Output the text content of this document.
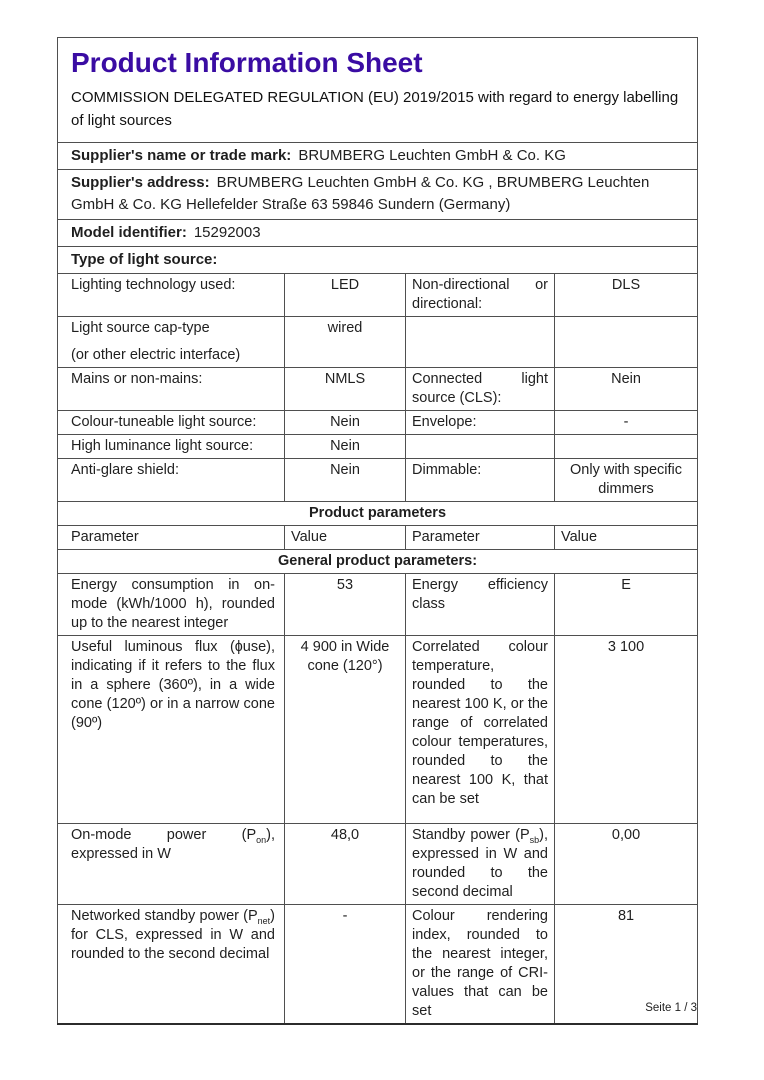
Product Information Sheet
COMMISSION DELEGATED REGULATION (EU) 2019/2015 with regard to energy labelling of light sources

Supplier's name or trade mark: BRUMBERG Leuchten GmbH & Co. KG			
Supplier's address: BRUMBERG Leuchten GmbH & Co. KG , BRUMBERG Leuchten GmbH & Co. KG Hellefelder Straße 63 59846 Sundern (Germany)			
Model identifier: 15292003			
Type of light source:			
Lighting technology used:	LED	Non-directional or directional:	DLS

Light source cap-type
(or other electric interface)	wired		
Mains or non-mains:	NMLS	Connected light source (CLS):	Nein
Colour-tuneable light source:	Nein	Envelope:	-
High luminance light source:	Nein		
Anti-glare shield:	Nein	Dimmable:	Only with specific dimmers
Product parameters			
Parameter	Value	Parameter	Value
General product parameters:			
Energy consumption in on-mode (kWh/1000 h), rounded up to the nearest integer	53	Energy efficiency class	E
Useful luminous flux (ɸuse), indicating if it refers to the flux in a sphere (360º), in a wide cone (120º) or in a narrow cone (90º)	4 900 in Wide cone (120°)	Correlated colour temperature, rounded to the nearest 100 K, or the range of correlated colour temperatures, rounded to the nearest 100 K, that can be set	3 100
On-mode power $(P_{on})$, expressed in W	48,0	Standby power $(P_{sb})$, expressed in W and rounded to the second decimal	0,00
Networked standby power $(P_{net})$ for CLS, expressed in W and rounded to the second decimal	-	Colour rendering index, rounded to the nearest integer, or the range of CRI-values that can be set	81
Seite 1 / 3
